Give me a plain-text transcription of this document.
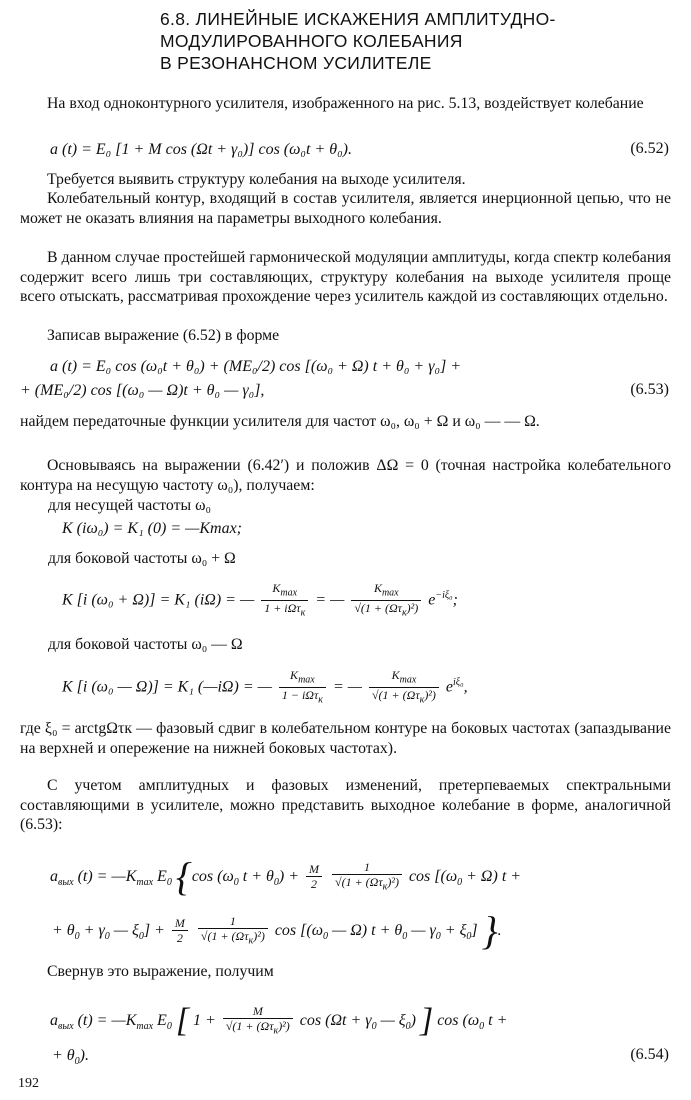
6.8. ЛИНЕЙНЫЕ ИСКАЖЕНИЯ АМПЛИТУДНО-
МОДУЛИРОВАННОГО КОЛЕБАНИЯ
В РЕЗОНАНСНОМ УСИЛИТЕЛЕ
На вход одноконтурного усилителя, изображенного на рис. 5.13, воздействует колебание
a (t) = E₀ [1 + M cos (Ωt + γ₀)] cos (ω₀t + θ₀).	(6.52)
Требуется выявить структуру колебания на выходе усилителя.
Колебательный контур, входящий в состав усилителя, является инерционной цепью, что не может не оказать влияния на параметры выходного колебания.
В данном случае простейшей гармонической модуляции амплитуды, когда спектр колебания содержит всего лишь три составляющих, структуру колебания на выходе усилителя проще всего отыскать, рассматривая прохождение через усилитель каждой из составляющих отдельно.
Записав выражение (6.52) в форме
a (t) = E₀ cos (ω₀t + θ₀) + (ME₀/2) cos [(ω₀ + Ω) t + θ₀ + γ₀] +
+ (ME₀/2) cos [(ω₀ — Ω)t + θ₀ — γ₀],	(6.53)
найдем передаточные функции усилителя для частот ω₀, ω₀ + Ω и ω₀ — — Ω.
Основываясь на выражении (6.42′) и положив ΔΩ = 0 (точная настройка колебательного контура на несущую частоту ω₀), получаем:
для несущей частоты ω₀
K (iω₀) = K₁ (0) = —Kmax;
для боковой частоты ω₀ + Ω
K [i (ω₀ + Ω)] = K₁ (iΩ) = — $\frac{K_{max}}{1 + i\Omega\tau_к}$ = — $\frac{K_{max}}{√(1 + (\Omega\tau_к)^2)} e^{-i\xi_0}$;
для боковой частоты ω₀ — Ω
K [i (ω₀ — Ω)] = K₁ (—iΩ) = — $\frac{K_{max}}{1 - i\Omega\tau_к}$ = — $\frac{K_{max}}{√(1 + (\Omega\tau_к)^2)} e^{i\xi_0}$,
где ξ₀ = arctgΩτк — фазовый сдвиг в колебательном контуре на боковых частотах (запаздывание на верхней и опережение на нижней боковых частотах).
С учетом амплитудных и фазовых изменений, претерпеваемых спектральными составляющими в усилителе, можно представить выходное колебание в форме, аналогичной (6.53):
$a_{вых}$ $(t) = —K_{max}$ $E_0$ {cos ($\omega_0$ $t + \theta_0) + \frac{M}{2}$
$\frac{1}{√(1 + (\Omega\tau_к)^2)}$ $\cos [(\omega_0 + \Omega) t$ +
+ $\theta_0 + \gamma_0$ — $\xi_0] + \frac{M}{2}$
$\frac{1}{√(1 + (\Omega\tau_к)^2)}$ $\cos [(\omega_0$ — Ω) $t + \theta_0$ — $\gamma_0 + \xi_0$] }.
Свернув это выражение, получим
$a_{вых}$ $(t) = —K_{max}$ $E_0$ [ $1 + \frac{M}{√(1 + (\Omega\tau_к)^2)}$ $\cos (\Omega t + \gamma_0$ — $\xi_0$) ] $\cos (\omega_0$ t +
+ $\theta_0$).	(6.54)
192
